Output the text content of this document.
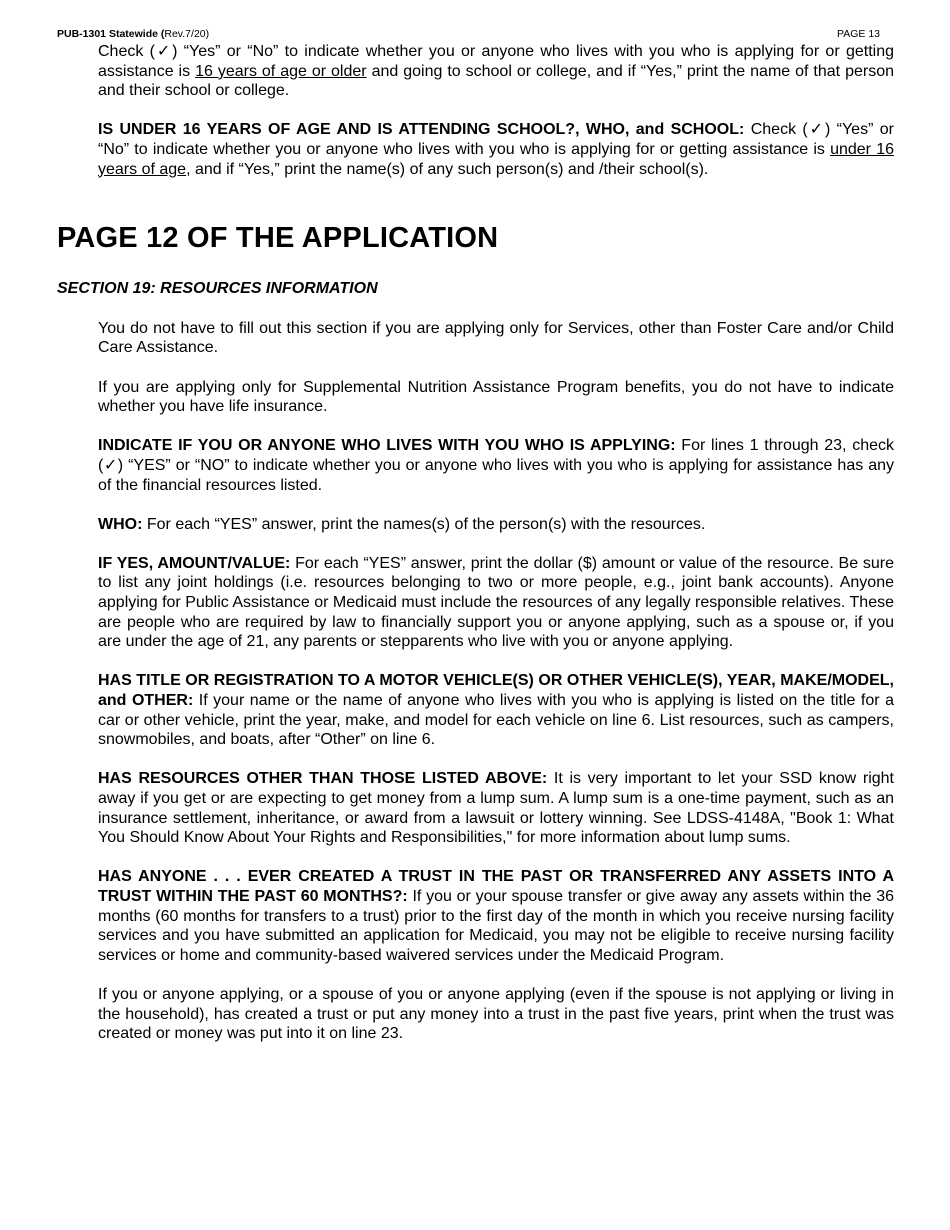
PUB-1301 Statewide (Rev.7/20)	PAGE 13

Check (✓) “Yes” or “No” to indicate whether you or anyone who lives with you who is applying for or getting assistance is 16 years of age or older and going to school or college, and if “Yes,” print the name of that person and their school or college.

IS UNDER 16 YEARS OF AGE AND IS ATTENDING SCHOOL?, WHO, and SCHOOL: Check (✓) “Yes” or “No” to indicate whether you or anyone who lives with you who is applying for or getting assistance is under 16 years of age, and if “Yes,” print the name(s) of any such person(s) and /their school(s).

PAGE 12 OF THE APPLICATION
SECTION 19: RESOURCES INFORMATION

You do not have to fill out this section if you are applying only for Services, other than Foster Care and/or Child Care Assistance.

If you are applying only for Supplemental Nutrition Assistance Program benefits, you do not have to indicate whether you have life insurance.

INDICATE IF YOU OR ANYONE WHO LIVES WITH YOU WHO IS APPLYING: For lines 1 through 23, check (✓) “YES” or “NO” to indicate whether you or anyone who lives with you who is applying for assistance has any of the financial resources listed.

WHO: For each “YES” answer, print the names(s) of the person(s) with the resources.

IF YES, AMOUNT/VALUE: For each “YES” answer, print the dollar ($) amount or value of the resource. Be sure to list any joint holdings (i.e. resources belonging to two or more people, e.g., joint bank accounts). Anyone applying for Public Assistance or Medicaid must include the resources of any legally responsible relatives. These are people who are required by law to financially support you or anyone applying, such as a spouse or, if you are under the age of 21, any parents or stepparents who live with you or anyone applying.

HAS TITLE OR REGISTRATION TO A MOTOR VEHICLE(S) OR OTHER VEHICLE(S), YEAR, MAKE/MODEL, and OTHER: If your name or the name of anyone who lives with you who is applying is listed on the title for a car or other vehicle, print the year, make, and model for each vehicle on line 6. List resources, such as campers, snowmobiles, and boats, after “Other” on line 6.

HAS RESOURCES OTHER THAN THOSE LISTED ABOVE: It is very important to let your SSD know right away if you get or are expecting to get money from a lump sum. A lump sum is a one-time payment, such as an insurance settlement, inheritance, or award from a lawsuit or lottery winning. See LDSS-4148A, "Book 1: What You Should Know About Your Rights and Responsibilities," for more information about lump sums.

HAS ANYONE . . . EVER CREATED A TRUST IN THE PAST OR TRANSFERRED ANY ASSETS INTO A TRUST WITHIN THE PAST 60 MONTHS?: If you or your spouse transfer or give away any assets within the 36 months (60 months for transfers to a trust) prior to the first day of the month in which you receive nursing facility services and you have submitted an application for Medicaid, you may not be eligible to receive nursing facility services or home and community-based waivered services under the Medicaid Program.

If you or anyone applying, or a spouse of you or anyone applying (even if the spouse is not applying or living in the household), has created a trust or put any money into a trust in the past five years, print when the trust was created or money was put into it on line 23.
